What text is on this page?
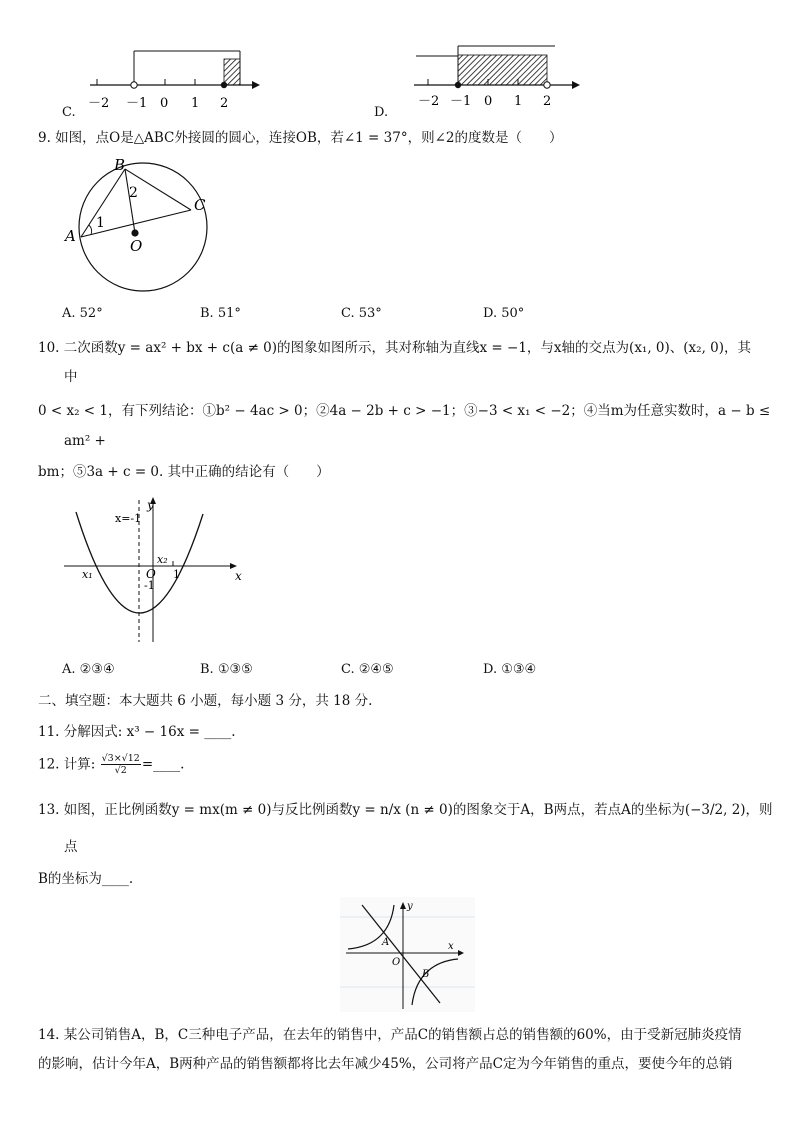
－2 －1 0 1 2
C.
－2 －1 0 1 2
D.
9. 如图，点O是△ABC外接圆的圆心，连接OB，若∠1 = 37°，则∠2的度数是（　　）
A
B
C
O
1
2
A. 52°	B. 51°	C. 53°	D. 50°
10. 二次函数y = ax² + bx + c(a ≠ 0)的图象如图所示，其对称轴为直线x = −1，与x轴的交点为(x₁, 0)、(x₂, 0)，其
中
0 < x₂ < 1，有下列结论：①b² − 4ac > 0；②4a − 2b + c > −1；③−3 < x₁ < −2；④当m为任意实数时，a − b ≤
am² +
bm；⑤3a + c = 0. 其中正确的结论有（　　）
x=-1
y
x
x₁
x₂
O 1
-1
A. ②③④	B. ①③⑤	C. ②④⑤	D. ①③④
二、填空题：本大题共 6 小题，每小题 3 分，共 18 分.
11. 分解因式: x³ − 16x = ____.
12. 计算: $\frac{√3\times√12}{√2}$ =____.
13. 如图，正比例函数y = mx(m ≠ 0)与反比例函数y = n/x (n ≠ 0)的图象交于A，B两点，若点A的坐标为(−3/2, 2)，则
点
B的坐标为____.
y
x
A
B
O
14. 某公司销售A，B，C三种电子产品，在去年的销售中，产品C的销售额占总的销售额的60%，由于受新冠肺炎疫情
的影响，估计今年A，B两种产品的销售额都将比去年减少45%，公司将产品C定为今年销售的重点，要使今年的总销
